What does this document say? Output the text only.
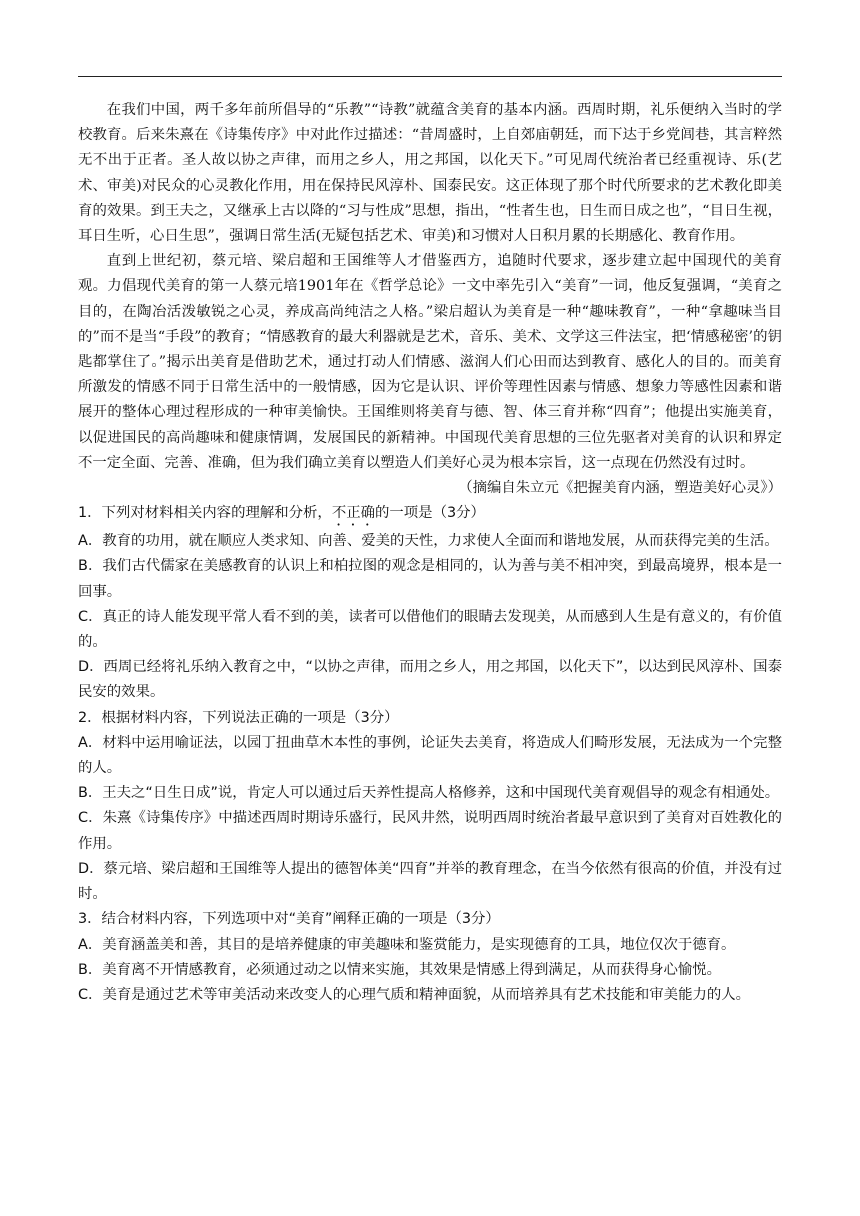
在我们中国，两千多年前所倡导的“乐教”“诗教”就蕴含美育的基本内涵。西周时期，礼乐便纳入当时的学校教育。后来朱熹在《诗集传序》中对此作过描述：“昔周盛时，上自郊庙朝廷，而下达于乡党闾巷，其言粹然无不出于正者。圣人故以协之声律，而用之乡人，用之邦国，以化天下。”可见周代统治者已经重视诗、乐(艺术、审美)对民众的心灵教化作用，用在保持民风淳朴、国泰民安。这正体现了那个时代所要求的艺术教化即美育的效果。到王夫之，又继承上古以降的“习与性成”思想，指出，“性者生也，日生而日成之也”，“目日生视，耳日生听，心日生思”，强调日常生活(无疑包括艺术、审美)和习惯对人日积月累的长期感化、教育作用。

直到上世纪初，蔡元培、梁启超和王国维等人才借鉴西方，追随时代要求，逐步建立起中国现代的美育观。力倡现代美育的第一人蔡元培1901年在《哲学总论》一文中率先引入“美育”一词，他反复强调，“美育之目的，在陶冶活泼敏锐之心灵，养成高尚纯洁之人格。”梁启超认为美育是一种“趣味教育”，一种“拿趣味当目的”而不是当“手段”的教育；“情感教育的最大利器就是艺术，音乐、美术、文学这三件法宝，把‘情感秘密’的钥匙都掌住了。”揭示出美育是借助艺术，通过打动人们情感、滋润人们心田而达到教育、感化人的目的。而美育所激发的情感不同于日常生活中的一般情感，因为它是认识、评价等理性因素与情感、想象力等感性因素和谐展开的整体心理过程形成的一种审美愉快。王国维则将美育与德、智、体三育并称“四育”；他提出实施美育，以促进国民的高尚趣味和健康情调，发展国民的新精神。中国现代美育思想的三位先驱者对美育的认识和界定不一定全面、完善、准确，但为我们确立美育以塑造人们美好心灵为根本宗旨，这一点现在仍然没有过时。

（摘编自朱立元《把握美育内涵，塑造美好心灵》）

1．下列对材料相关内容的理解和分析，不正确的一项是（3分）

A．教育的功用，就在顺应人类求知、向善、爱美的天性，力求使人全面而和谐地发展，从而获得完美的生活。

B．我们古代儒家在美感教育的认识上和柏拉图的观念是相同的，认为善与美不相冲突，到最高境界，根本是一回事。

C．真正的诗人能发现平常人看不到的美，读者可以借他们的眼睛去发现美，从而感到人生是有意义的，有价值的。

D．西周已经将礼乐纳入教育之中，“以协之声律，而用之乡人，用之邦国，以化天下”，以达到民风淳朴、国泰民安的效果。

2．根据材料内容，下列说法正确的一项是（3分）

A．材料中运用喻证法，以园丁扭曲草木本性的事例，论证失去美育，将造成人们畸形发展，无法成为一个完整的人。

B．王夫之“日生日成”说，肯定人可以通过后天养性提高人格修养，这和中国现代美育观倡导的观念有相通处。

C．朱熹《诗集传序》中描述西周时期诗乐盛行，民风井然，说明西周时统治者最早意识到了美育对百姓教化的作用。

D．蔡元培、梁启超和王国维等人提出的德智体美“四育”并举的教育理念，在当今依然有很高的价值，并没有过时。

3．结合材料内容，下列选项中对“美育”阐释正确的一项是（3分）

A．美育涵盖美和善，其目的是培养健康的审美趣味和鉴赏能力，是实现德育的工具，地位仅次于德育。

B．美育离不开情感教育，必须通过动之以情来实施，其效果是情感上得到满足，从而获得身心愉悦。

C．美育是通过艺术等审美活动来改变人的心理气质和精神面貌，从而培养具有艺术技能和审美能力的人。
